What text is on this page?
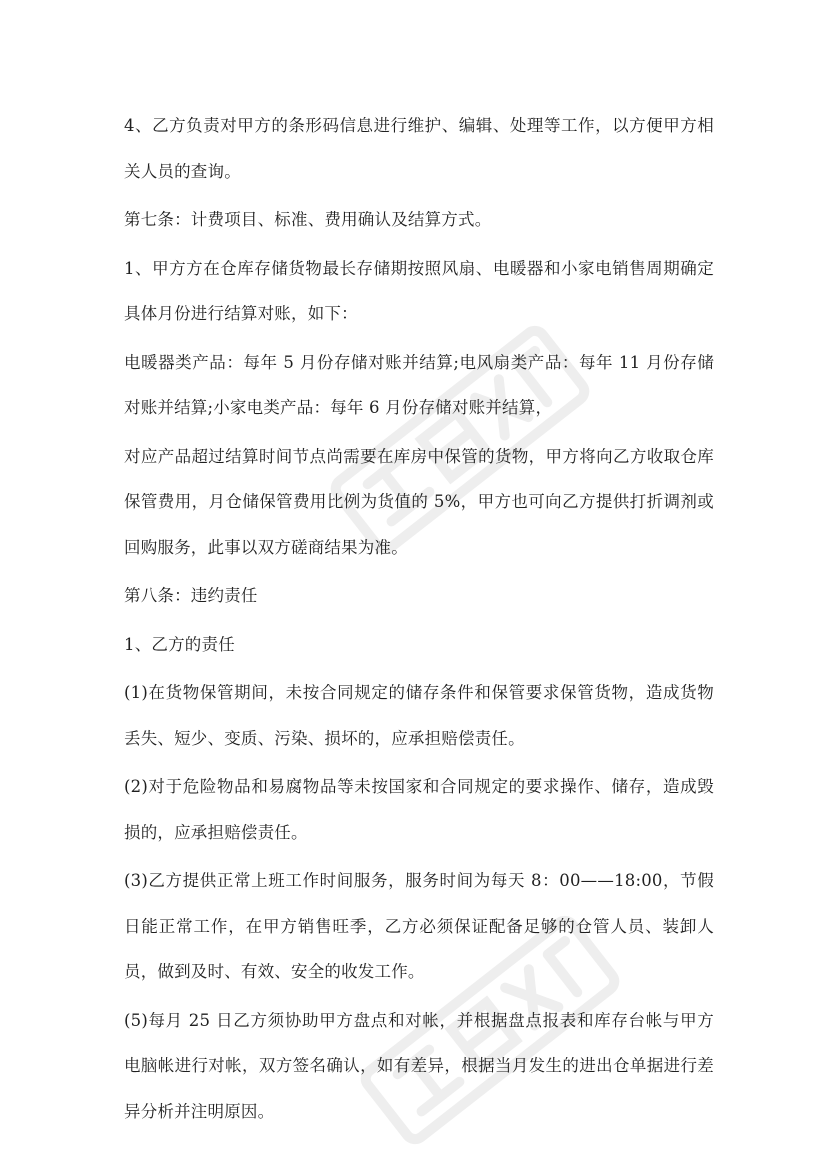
4、乙方负责对甲方的条形码信息进行维护、编辑、处理等工作，以方便甲方相关人员的查询。

第七条：计费项目、标准、费用确认及结算方式。

1、甲方方在仓库存储货物最长存储期按照风扇、电暖器和小家电销售周期确定具体月份进行结算对账，如下：

电暖器类产品：每年 5 月份存储对账并结算;电风扇类产品：每年 11 月份存储对账并结算;小家电类产品：每年 6 月份存储对账并结算，

对应产品超过结算时间节点尚需要在库房中保管的货物，甲方将向乙方收取仓库保管费用，月仓储保管费用比例为货值的 5%，甲方也可向乙方提供打折调剂或回购服务，此事以双方磋商结果为准。

第八条：违约责任

1、乙方的责任

(1)在货物保管期间，未按合同规定的储存条件和保管要求保管货物，造成货物丢失、短少、变质、污染、损坏的，应承担赔偿责任。

(2)对于危险物品和易腐物品等未按国家和合同规定的要求操作、储存，造成毁损的，应承担赔偿责任。

(3)乙方提供正常上班工作时间服务，服务时间为每天 8：00——18:00，节假日能正常工作，在甲方销售旺季，乙方必须保证配备足够的仓管人员、装卸人员，做到及时、有效、安全的收发工作。

(5)每月 25 日乙方须协助甲方盘点和对帐，并根据盘点报表和库存台帐与甲方电脑帐进行对帐，双方签名确认，如有差异，根据当月发生的进出仓单据进行差异分析并注明原因。
